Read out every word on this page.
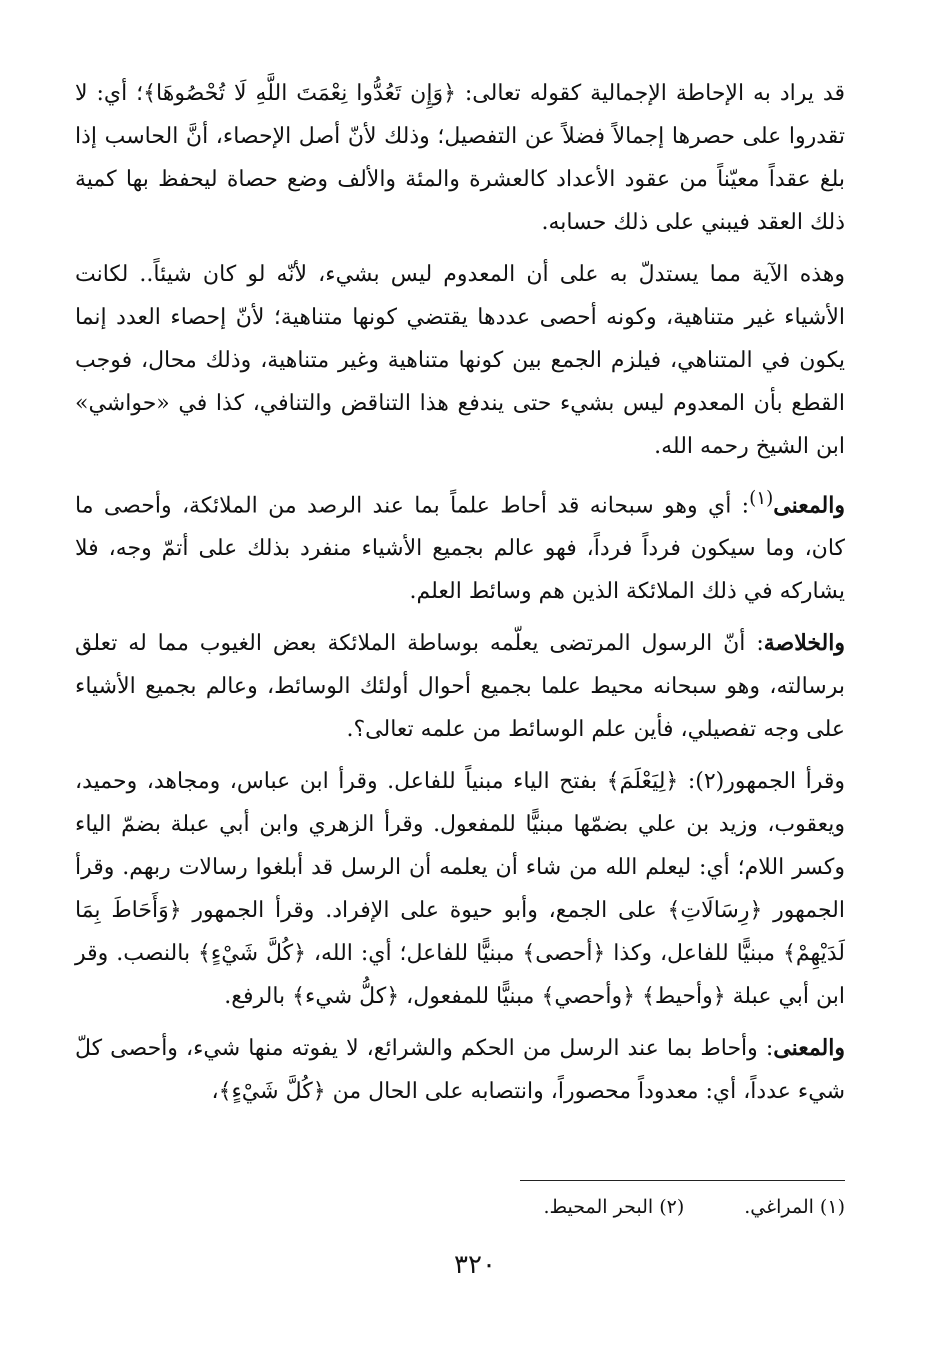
قد يراد به الإحاطة الإجمالية كقوله تعالى: ﴿وَإِن تَعُدُّوا نِعْمَتَ اللَّهِ لَا تُحْصُوهَا﴾؛ أي: لا تقدروا على حصرها إجمالاً فضلاً عن التفصيل؛ وذلك لأنّ أصل الإحصاء، أنَّ الحاسب إذا بلغ عقداً معيّناً من عقود الأعداد كالعشرة والمئة والألف وضع حصاة ليحفظ بها كمية ذلك العقد فيبني على ذلك حسابه.

وهذه الآية مما يستدلّ به على أن المعدوم ليس بشيء، لأنّه لو كان شيئاً.. لكانت الأشياء غير متناهية، وكونه أحصى عددها يقتضي كونها متناهية؛ لأنّ إحصاء العدد إنما يكون في المتناهي، فيلزم الجمع بين كونها متناهية وغير متناهية، وذلك محال، فوجب القطع بأن المعدوم ليس بشيء حتى يندفع هذا التناقض والتنافي، كذا في «حواشي» ابن الشيخ رحمه الله.

والمعنى$^{(١)}$: أي وهو سبحانه قد أحاط علماً بما عند الرصد من الملائكة، وأحصى ما كان، وما سيكون فرداً فرداً، فهو عالم بجميع الأشياء منفرد بذلك على أتمّ وجه، فلا يشاركه في ذلك الملائكة الذين هم وسائط العلم.

والخلاصة: أنّ الرسول المرتضى يعلّمه بوساطة الملائكة بعض الغيوب مما له تعلق برسالته، وهو سبحانه محيط علما بجميع أحوال أولئك الوسائط، وعالم بجميع الأشياء على وجه تفصيلي، فأين علم الوسائط من علمه تعالى؟.

وقرأ الجمهور(٢): ﴿لِيَعْلَمَ﴾ بفتح الياء مبنياً للفاعل. وقرأ ابن عباس، ومجاهد، وحميد، ويعقوب، وزيد بن علي بضمّها مبنيًّا للمفعول. وقرأ الزهري وابن أبي عبلة بضمّ الياء وكسر اللام؛ أي: ليعلم الله من شاء أن يعلمه أن الرسل قد أبلغوا رسالات ربهم. وقرأ الجمهور ﴿رِسَالَاتِ﴾ على الجمع، وأبو حيوة على الإفراد. وقرأ الجمهور ﴿وَأَحَاطَ بِمَا لَدَيْهِمْ﴾ مبنيًّا للفاعل، وكذا ﴿أحصى﴾ مبنيًّا للفاعل؛ أي: الله، ﴿كُلَّ شَيْءٍ﴾ بالنصب. وقر ابن أبي عبلة ﴿وأحيط﴾ ﴿وأحصي﴾ مبنيًّا للمفعول، ﴿كلُّ شيء﴾ بالرفع.

والمعنى: وأحاط بما عند الرسل من الحكم والشرائع، لا يفوته منها شيء، وأحصى كلّ شيء عدداً، أي: معدوداً محصوراً، وانتصابه على الحال من ﴿كُلَّ شَيْءٍ﴾،

(١) المراغي.
(٢) البحر المحيط.
٣٢٠
